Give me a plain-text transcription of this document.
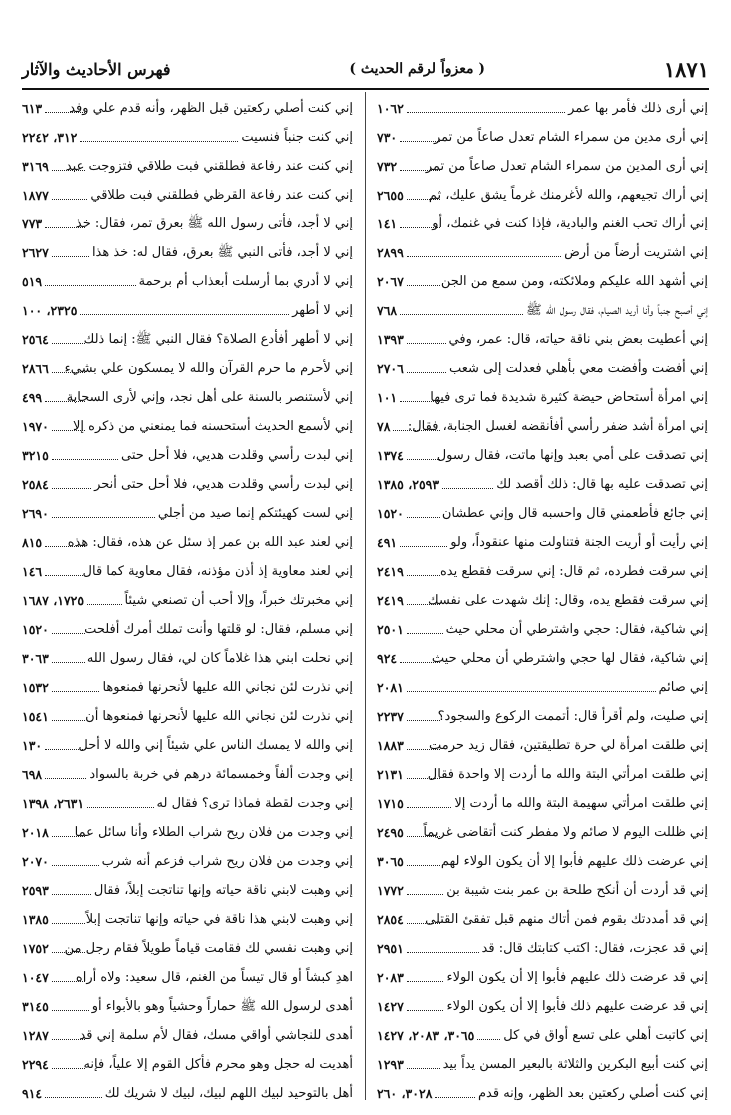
١٨٧١
( معزواً لرقم الحديث )
فهرس الأحاديث والآثار
إني أرى ذلك فأمر بها عمر
١٠٦٢
إني أرى مدين من سمراء الشام تعدل صاعاً من تمر
٧٣٠
إني أرى المدين من سمراء الشام تعدل صاعاً من تمر
٧٣٢
إني أراك تجيعهم، والله لأغرمنك غرماً يشق عليك، ثم
٢٦٥٥
إني أراك تحب الغنم والبادية، فإذا كنت في غنمك، أو
١٤١
إني اشتريت أرضاً من أرض
٢٨٩٩
إني أشهد الله عليكم وملائكته، ومن سمع من الجن
٢٠٦٧
إني أصبح جنباً وأنا أريد الصيام، فقال رسول الله ﷺ
٧٦٨
إني أعطيت بعض بني ناقة حياته، قال: عمر، وفي
١٣٩٣
إني أفضت وأفضت معي بأهلي فعدلت إلى شعب
٢٧٠٦
إني امرأة أستحاض حيضة كثيرة شديدة فما ترى فيها
١٠١
إني امرأة أشد ضفر رأسي أفأنقضه لغسل الجنابة، فقال:
٧٨
إني تصدقت على أمي بعبد وإنها ماتت، فقال رسول
١٣٧٤
إني تصدقت عليه بها قال: ذلك أقصد لك
٢٥٩٣، ١٣٨٥
إني جائع فأطعمني قال واحسبه قال وإني عطشان
١٥٢٠
إني رأيت أو أريت الجنة فتناولت منها عنقوداً، ولو
٤٩١
إني سرقت فطرده، ثم قال: إني سرقت فقطع يده
٢٤١٩
إني سرقت فقطع يده، وقال: إنك شهدت على نفسك
٢٤١٩
إني شاكية، فقال: حجي واشترطي أن محلي حيث
٢٥٠١
إني شاكية، فقال لها حجي واشترطي أن محلي حيث
٩٢٤
إني صائم
٢٠٨١
إني صليت، ولم أقرأ قال: أتممت الركوع والسجود؟
٢٢٣٧
إني طلقت امرأة لي حرة تطليقتين، فقال زيد حرمت
١٨٨٣
إني طلقت امرأتي البتة والله ما أردت إلا واحدة فقال
٢١٣١
إني طلقت امرأتي سهيمة البتة والله ما أردت إلا
١٧١٥
إني ظللت اليوم لا صائم ولا مفطر كنت أتقاضى غريماً
٢٤٩٥
إني عرضت ذلك عليهم فأبوا إلا أن يكون الولاء لهم
٣٠٦٥
إني قد أردت أن أنكح طلحة بن عمر بنت شيبة بن
١٧٧٢
إني قد أمددتك بقوم فمن أتاك منهم قبل تفقئ القتلى
٢٨٥٤
إني قد عجزت، فقال: اكتب كتابتك قال: قد
٢٩٥١
إني قد عرضت ذلك عليهم فأبوا إلا أن يكون الولاء
٢٠٨٣
إني قد عرضت عليهم ذلك فأبوا إلا أن يكون الولاء
١٤٢٧
إني كاتبت أهلي على تسع أواق في كل
٣٠٦٥، ٢٠٨٣، ١٤٢٧
إني كنت أبيع البكرين والثلاثة بالبعير المسن يداً بيد
١٢٩٣
إني كنت أصلي ركعتين بعد الظهر، وإنه قدم
٣٠٢٨، ٢٦٠
إني كنت أصلي ركعتين قبل الظهر، وأنه قدم علي وفد
٦١٣
إني كنت جنباً فنسيت
٣١٢، ٢٢٤٢
إني كنت عند رفاعة فطلقني فبت طلاقي فتزوجت عبد
٣١٦٩
إني كنت عند رفاعة القرظي فطلقني فبت طلاقي
١٨٧٧
إني لا أجد، فأتى رسول الله ﷺ بعرق تمر، فقال: خذ
٧٧٣
إني لا أجد، فأتى النبي ﷺ بعرق، فقال له: خذ هذا
٢٦٢٧
إني لا أدري بما أرسلت أبعذاب أم برحمة
٥١٩
إني لا أطهر
٢٣٢٥، ١٠٠
إني لا أطهر أفأدع الصلاة؟ فقال النبي ﷺ: إنما ذلك
٢٥٦٤
إني لأحرم ما حرم القرآن والله لا يمسكون علي بشيء
٢٨٦٦
إني لأستنصر بالسنة على أهل نجد، وإني لأرى السحابة
٤٩٩
إني لأسمع الحديث أستحسنه فما يمنعني من ذكره إلا
١٩٧٠
إني لبدت رأسي وقلدت هديي، فلا أحل حتى
٣٢١٥
إني لبدت رأسي وقلدت هديي، فلا أحل حتى أنحر
٢٥٨٤
إني لست كهيئتكم إنما صيد من أجلي
٢٦٩٠
إني لعند عبد الله بن عمر إذ سئل عن هذه، فقال: هذه
٨١٥
إني لعند معاوية إذ أذن مؤذنه، فقال معاوية كما قال
١٤٦
إني مخبرتك خبراً، وإلا أحب أن تصنعي شيئاً
١٧٢٥، ١٦٨٧
إني مسلم، فقال: لو قلتها وأنت تملك أمرك أفلحت
١٥٢٠
إني نحلت ابني هذا غلاماً كان لي، فقال رسول الله
٣٠٦٣
إني نذرت لئن نجاني الله عليها لأنحرنها فمنعوها
١٥٣٢
إني نذرت لئن نجاني الله عليها لأنحرنها فمنعوها أن
١٥٤١
إني والله لا يمسك الناس علي شيئاً إني والله لا أحل
١٣٠
إني وجدت ألفاً وخمسمائة درهم في خربة بالسواد
٦٩٨
إني وجدت لقطة فماذا ترى؟ فقال له
٢٦٣١، ١٣٩٨
إني وجدت من فلان ريح شراب الطلاء وأنا سائل عما
٢٠١٨
إني وجدت من فلان ريح شراب فزعم أنه شرب
٢٠٧٠
إني وهبت لابني ناقة حياته وإنها تناتجت إبلاً، فقال
٢٥٩٣
إني وهبت لابني هذا ناقة في حياته وإنها تناتجت إبلاً
١٣٨٥
إني وهبت نفسي لك فقامت قياماً طويلاً فقام رجل من
١٧٥٢
اهدِ كبشاً أو قال تيساً من الغنم، قال سعيد: ولاه أراه
١٠٤٧
أهدى لرسول الله ﷺ حماراً وحشياً وهو بالأبواء أو
٣١٤٥
أهدى للنجاشي أواقي مسك، فقال لأم سلمة إني قد
١٢٨٧
أهديت له حجل وهو محرم فأكل القوم إلا علياً، فإنه
٢٢٩٤
أهل بالتوحيد لبيك اللهم لبيك، لبيك لا شريك لك
٩١٤
